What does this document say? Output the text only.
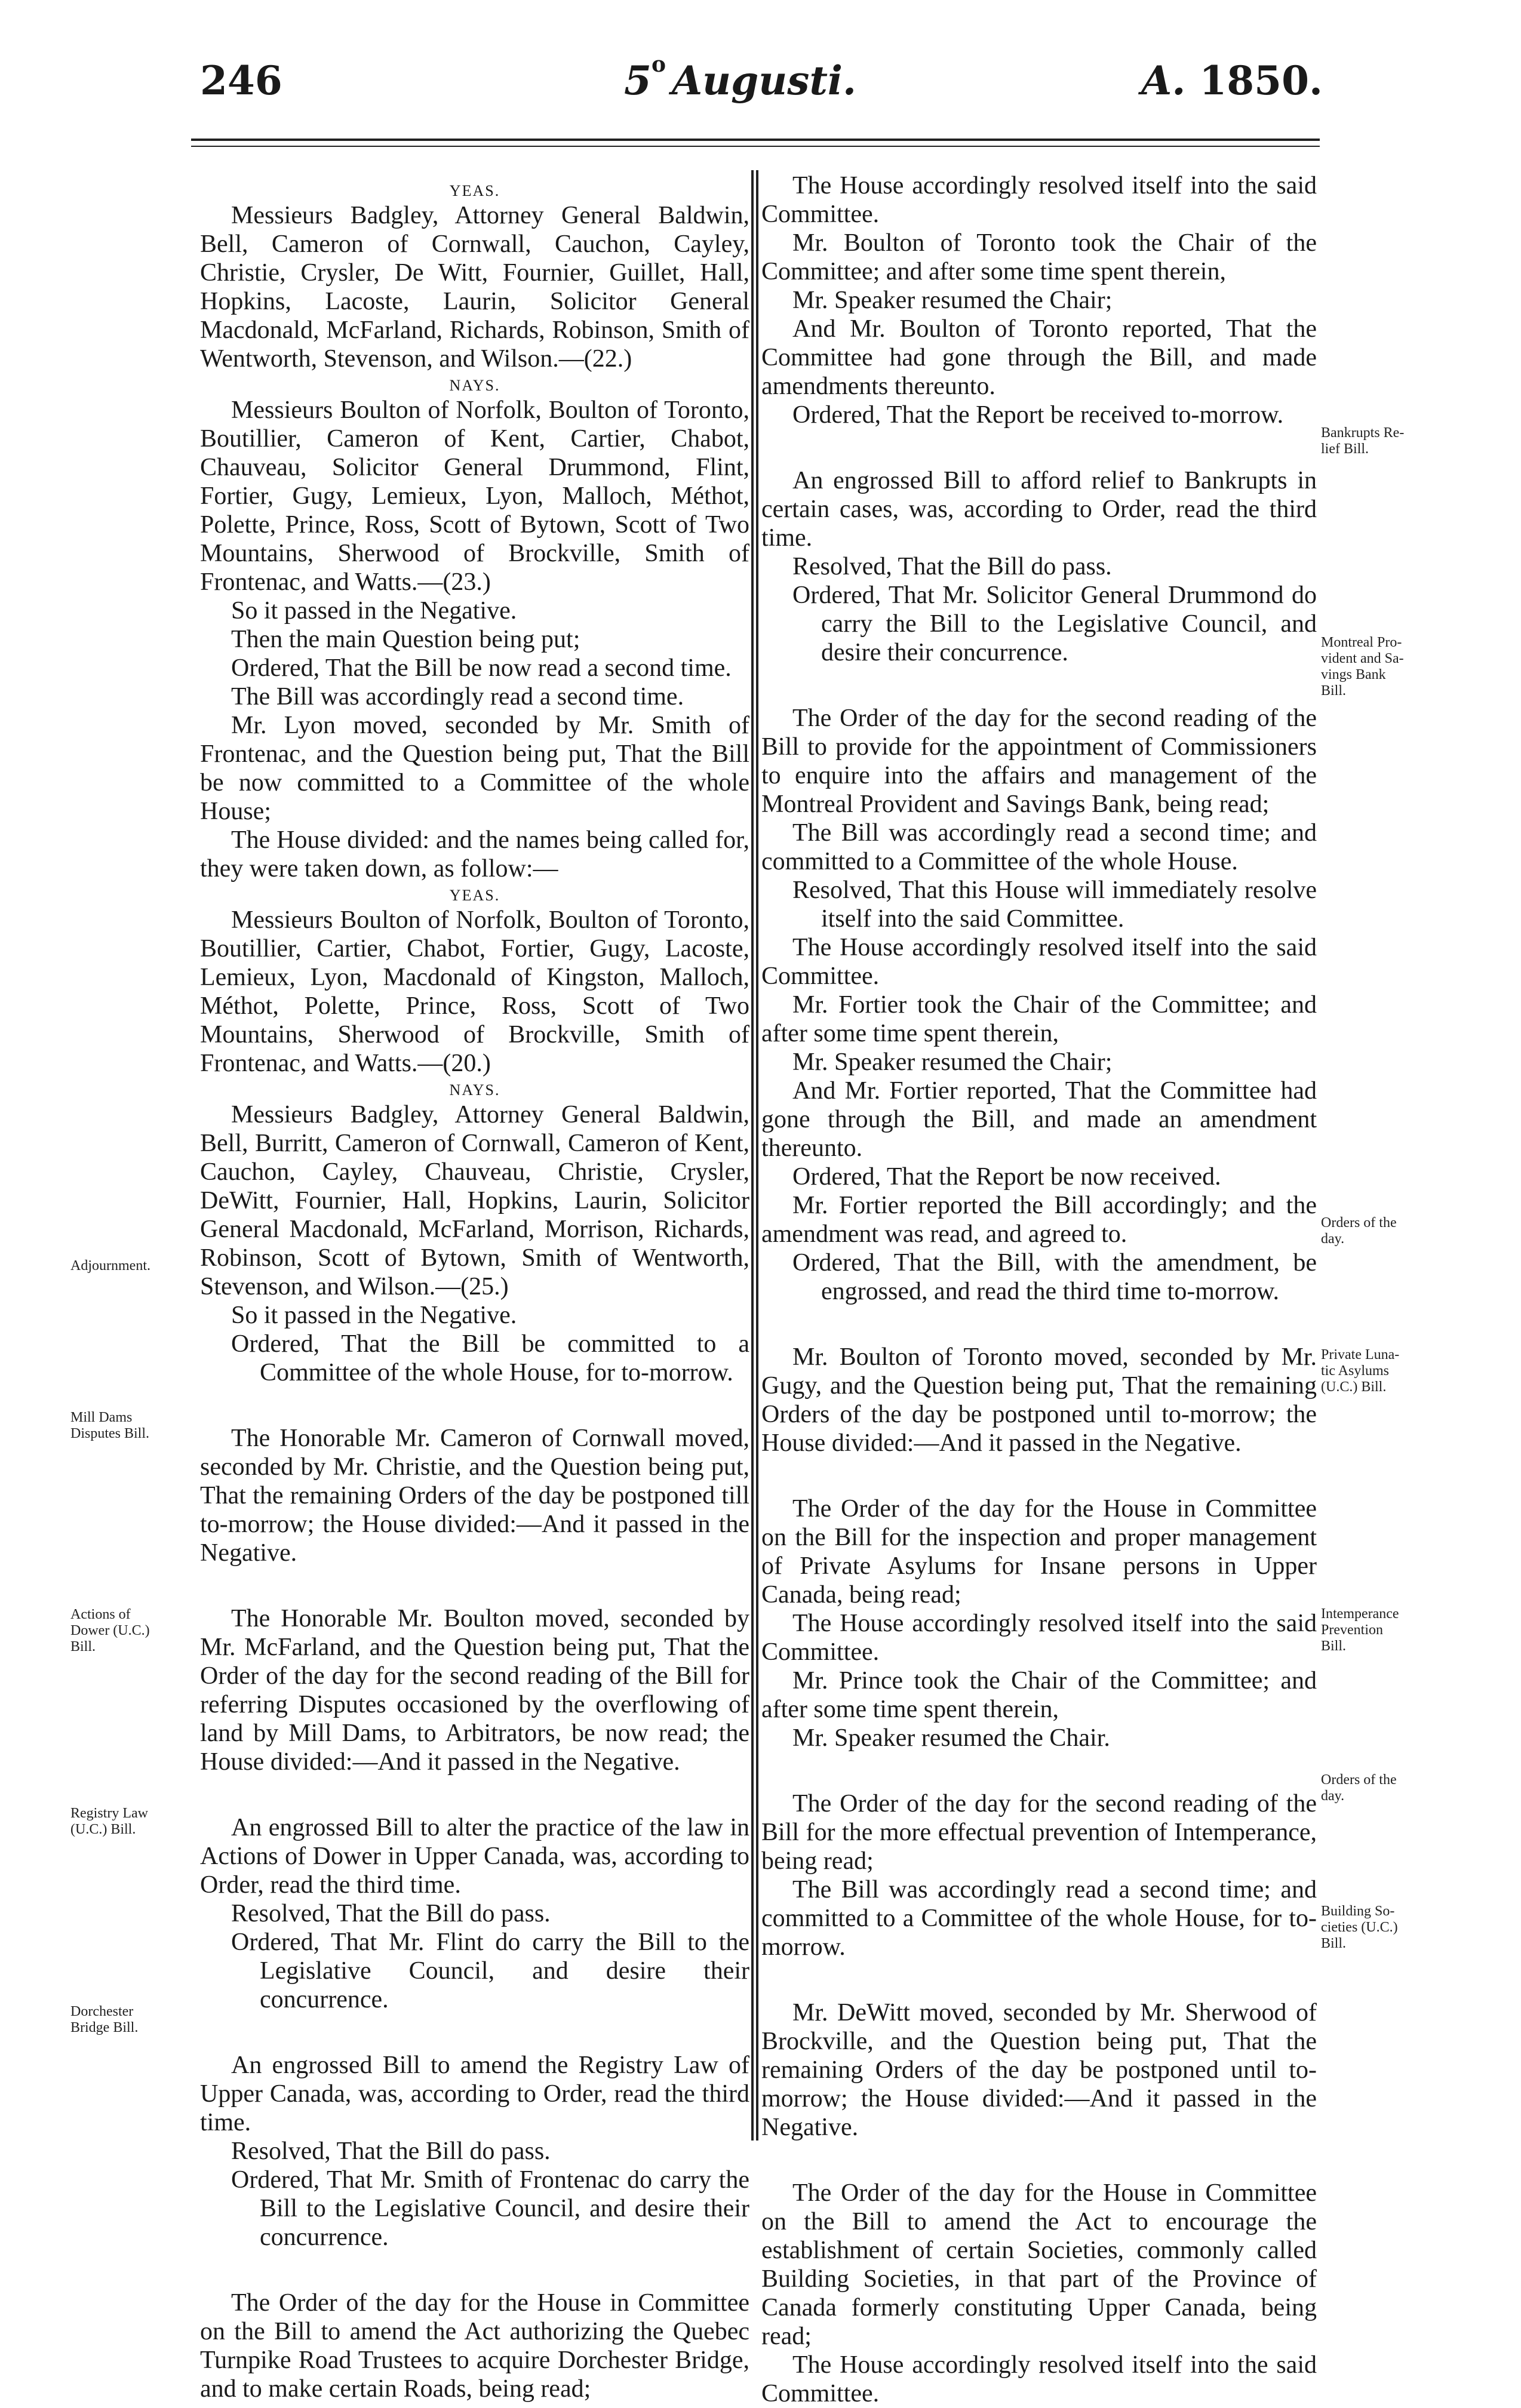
246	5$^o$ Augusti.	A. 1850.

YEAS.

Messieurs Badgley, Attorney General Baldwin, Bell, Cameron of Cornwall, Cauchon, Cayley, Christie, Crysler, De Witt, Fournier, Guillet, Hall, Hopkins, Lacoste, Laurin, Solicitor General Macdonald, McFarland, Richards, Robinson, Smith of Wentworth, Stevenson, and Wilson.—(22.)

NAYS.

Messieurs Boulton of Norfolk, Boulton of Toronto, Boutillier, Cameron of Kent, Cartier, Chabot, Chauveau, Solicitor General Drummond, Flint, Fortier, Gugy, Lemieux, Lyon, Malloch, Méthot, Polette, Prince, Ross, Scott of Bytown, Scott of Two Mountains, Sherwood of Brockville, Smith of Frontenac, and Watts.—(23.)

So it passed in the Negative.

Then the main Question being put;

Ordered, That the Bill be now read a second time.

The Bill was accordingly read a second time.

Mr. Lyon moved, seconded by Mr. Smith of Frontenac, and the Question being put, That the Bill be now committed to a Committee of the whole House;

The House divided: and the names being called for, they were taken down, as follow:—

YEAS.

Messieurs Boulton of Norfolk, Boulton of Toronto, Boutillier, Cartier, Chabot, Fortier, Gugy, Lacoste, Lemieux, Lyon, Macdonald of Kingston, Malloch, Méthot, Polette, Prince, Ross, Scott of Two Mountains, Sherwood of Brockville, Smith of Frontenac, and Watts.—(20.)

NAYS.

Messieurs Badgley, Attorney General Baldwin, Bell, Burritt, Cameron of Cornwall, Cameron of Kent, Cauchon, Cayley, Chauveau, Christie, Crysler, DeWitt, Fournier, Hall, Hopkins, Laurin, Solicitor General Macdonald, McFarland, Morrison, Richards, Robinson, Scott of Bytown, Smith of Wentworth, Stevenson, and Wilson.—(25.)

So it passed in the Negative.

Ordered, That the Bill be committed to a Committee of the whole House, for to-morrow.

The Honorable Mr. Cameron of Cornwall moved, seconded by Mr. Christie, and the Question being put, That the remaining Orders of the day be postponed till to-morrow; the House divided:—And it passed in the Negative.

The Honorable Mr. Boulton moved, seconded by Mr. McFarland, and the Question being put, That the Order of the day for the second reading of the Bill for referring Disputes occasioned by the overflowing of land by Mill Dams, to Arbitrators, be now read; the House divided:—And it passed in the Negative.

An engrossed Bill to alter the practice of the law in Actions of Dower in Upper Canada, was, according to Order, read the third time.

Resolved, That the Bill do pass.

Ordered, That Mr. Flint do carry the Bill to the Legislative Council, and desire their concurrence.

An engrossed Bill to amend the Registry Law of Upper Canada, was, according to Order, read the third time.

Resolved, That the Bill do pass.

Ordered, That Mr. Smith of Frontenac do carry the Bill to the Legislative Council, and desire their concurrence.

The Order of the day for the House in Committee on the Bill to amend the Act authorizing the Quebec Turnpike Road Trustees to acquire Dorchester Bridge, and to make certain Roads, being read;

The House accordingly resolved itself into the said Committee.

Mr. Boulton of Toronto took the Chair of the Committee; and after some time spent therein,

Mr. Speaker resumed the Chair;

And Mr. Boulton of Toronto reported, That the Committee had gone through the Bill, and made amendments thereunto.

Ordered, That the Report be received to-morrow.

An engrossed Bill to afford relief to Bankrupts in certain cases, was, according to Order, read the third time.

Resolved, That the Bill do pass.

Ordered, That Mr. Solicitor General Drummond do carry the Bill to the Legislative Council, and desire their concurrence.

The Order of the day for the second reading of the Bill to provide for the appointment of Commissioners to enquire into the affairs and management of the Montreal Provident and Savings Bank, being read;

The Bill was accordingly read a second time; and committed to a Committee of the whole House.

Resolved, That this House will immediately resolve itself into the said Committee.

The House accordingly resolved itself into the said Committee.

Mr. Fortier took the Chair of the Committee; and after some time spent therein,

Mr. Speaker resumed the Chair;

And Mr. Fortier reported, That the Committee had gone through the Bill, and made an amendment thereunto.

Ordered, That the Report be now received.

Mr. Fortier reported the Bill accordingly; and the amendment was read, and agreed to.

Ordered, That the Bill, with the amendment, be engrossed, and read the third time to-morrow.

Mr. Boulton of Toronto moved, seconded by Mr. Gugy, and the Question being put, That the remaining Orders of the day be postponed until to-morrow; the House divided:—And it passed in the Negative.

The Order of the day for the House in Committee on the Bill for the inspection and proper management of Private Asylums for Insane persons in Upper Canada, being read;

The House accordingly resolved itself into the said Committee.

Mr. Prince took the Chair of the Committee; and after some time spent therein,

Mr. Speaker resumed the Chair.

The Order of the day for the second reading of the Bill for the more effectual prevention of Intemperance, being read;

The Bill was accordingly read a second time; and committed to a Committee of the whole House, for to-morrow.

Mr. DeWitt moved, seconded by Mr. Sherwood of Brockville, and the Question being put, That the remaining Orders of the day be postponed until to-morrow; the House divided:—And it passed in the Negative.

The Order of the day for the House in Committee on the Bill to amend the Act to encourage the establishment of certain Societies, commonly called Building Societies, in that part of the Province of Canada formerly constituting Upper Canada, being read;

The House accordingly resolved itself into the said Committee.

Adjournment.
Mill Dams
Disputes Bill.
Actions of
Dower (U.C.)
Bill.
Registry Law
(U.C.) Bill.
Dorchester
Bridge Bill.
Bankrupts Re-
lief Bill.
Montreal Pro-
vident and Sa-
vings Bank
Bill.
Orders of the
day.
Private Luna-
tic Asylums
(U.C.) Bill.
Intemperance
Prevention
Bill.
Orders of the
day.
Building So-
cieties (U.C.)
Bill.
